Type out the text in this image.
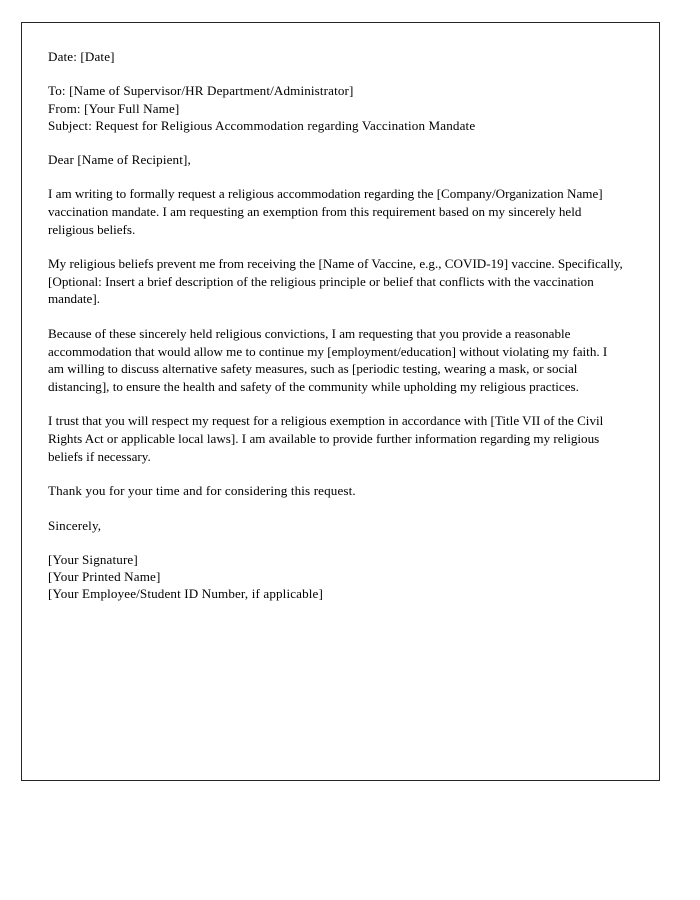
Date: [Date]
To: [Name of Supervisor/HR Department/Administrator]
From: [Your Full Name]
Subject: Request for Religious Accommodation regarding Vaccination Mandate
Dear [Name of Recipient],
I am writing to formally request a religious accommodation regarding the [Company/Organization Name] vaccination mandate. I am requesting an exemption from this requirement based on my sincerely held religious beliefs.
My religious beliefs prevent me from receiving the [Name of Vaccine, e.g., COVID-19] vaccine. Specifically, [Optional: Insert a brief description of the religious principle or belief that conflicts with the vaccination mandate].
Because of these sincerely held religious convictions, I am requesting that you provide a reasonable accommodation that would allow me to continue my [employment/education] without violating my faith. I am willing to discuss alternative safety measures, such as [periodic testing, wearing a mask, or social distancing], to ensure the health and safety of the community while upholding my religious practices.
I trust that you will respect my request for a religious exemption in accordance with [Title VII of the Civil Rights Act or applicable local laws]. I am available to provide further information regarding my religious beliefs if necessary.
Thank you for your time and for considering this request.
Sincerely,
[Your Signature]
[Your Printed Name]
[Your Employee/Student ID Number, if applicable]
